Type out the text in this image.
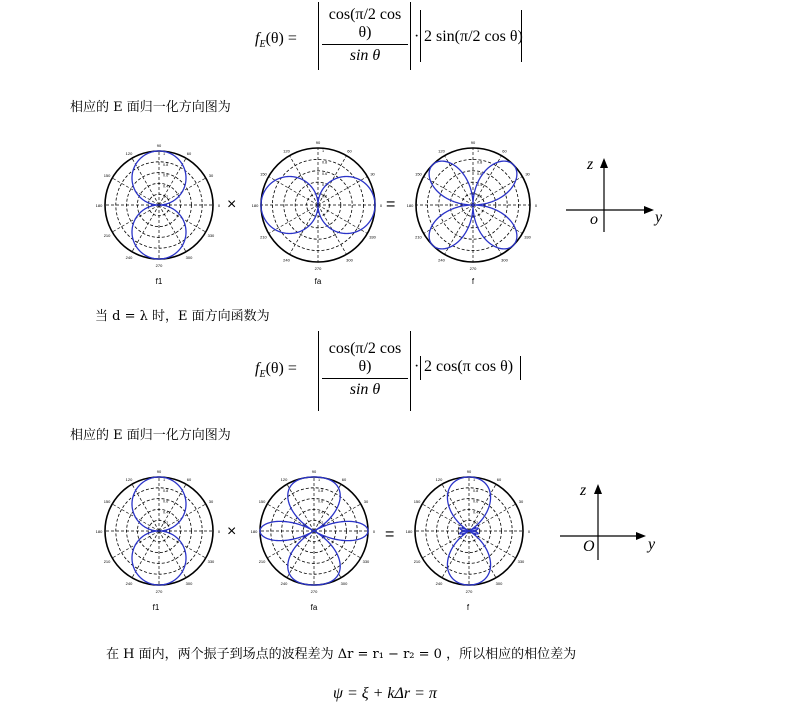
$f_E(\theta)$ =
cos(π/2 cos θ)
sin θ
· 2 sin(π/2 cos θ)
相应的 E 面归一化方向图为
90
120
150
180
210
240
270
300
330
0
30
60
1
0.8
0.6
0.4
0.2
f1
×
90
120
150
180
210
240
270
300
330
0
30
60
1
0.8
0.6
0.4
0.2
fa
=
90
120
150
180
210
240
270
300
330
0
30
60
1
0.8
0.6
0.4
0.2
f
z
o	y
当 d = λ 时，E 面方向函数为
$f_E(\theta)$ =
cos(π/2 cos θ)
sin θ
· 2 cos(π cos θ)
相应的 E 面归一化方向图为
90
120
150
180
210
240
270
300
330
0
30
60
1
0.8
0.6
0.4
0.2
f1
×
90
120
150
180
210
240
270
300
330
0
30
60
1
0.8
0.6
0.4
0.2
fa
=
90
120
150
180
210
240
270
300
330
0
30
60
1
0.8
0.6
0.4
0.2
f
z
O	y
在 H 面内，两个振子到场点的波程差为 Δr = r₁ − r₂ = 0 ，所以相应的相位差为
ψ = ξ + kΔr = π
